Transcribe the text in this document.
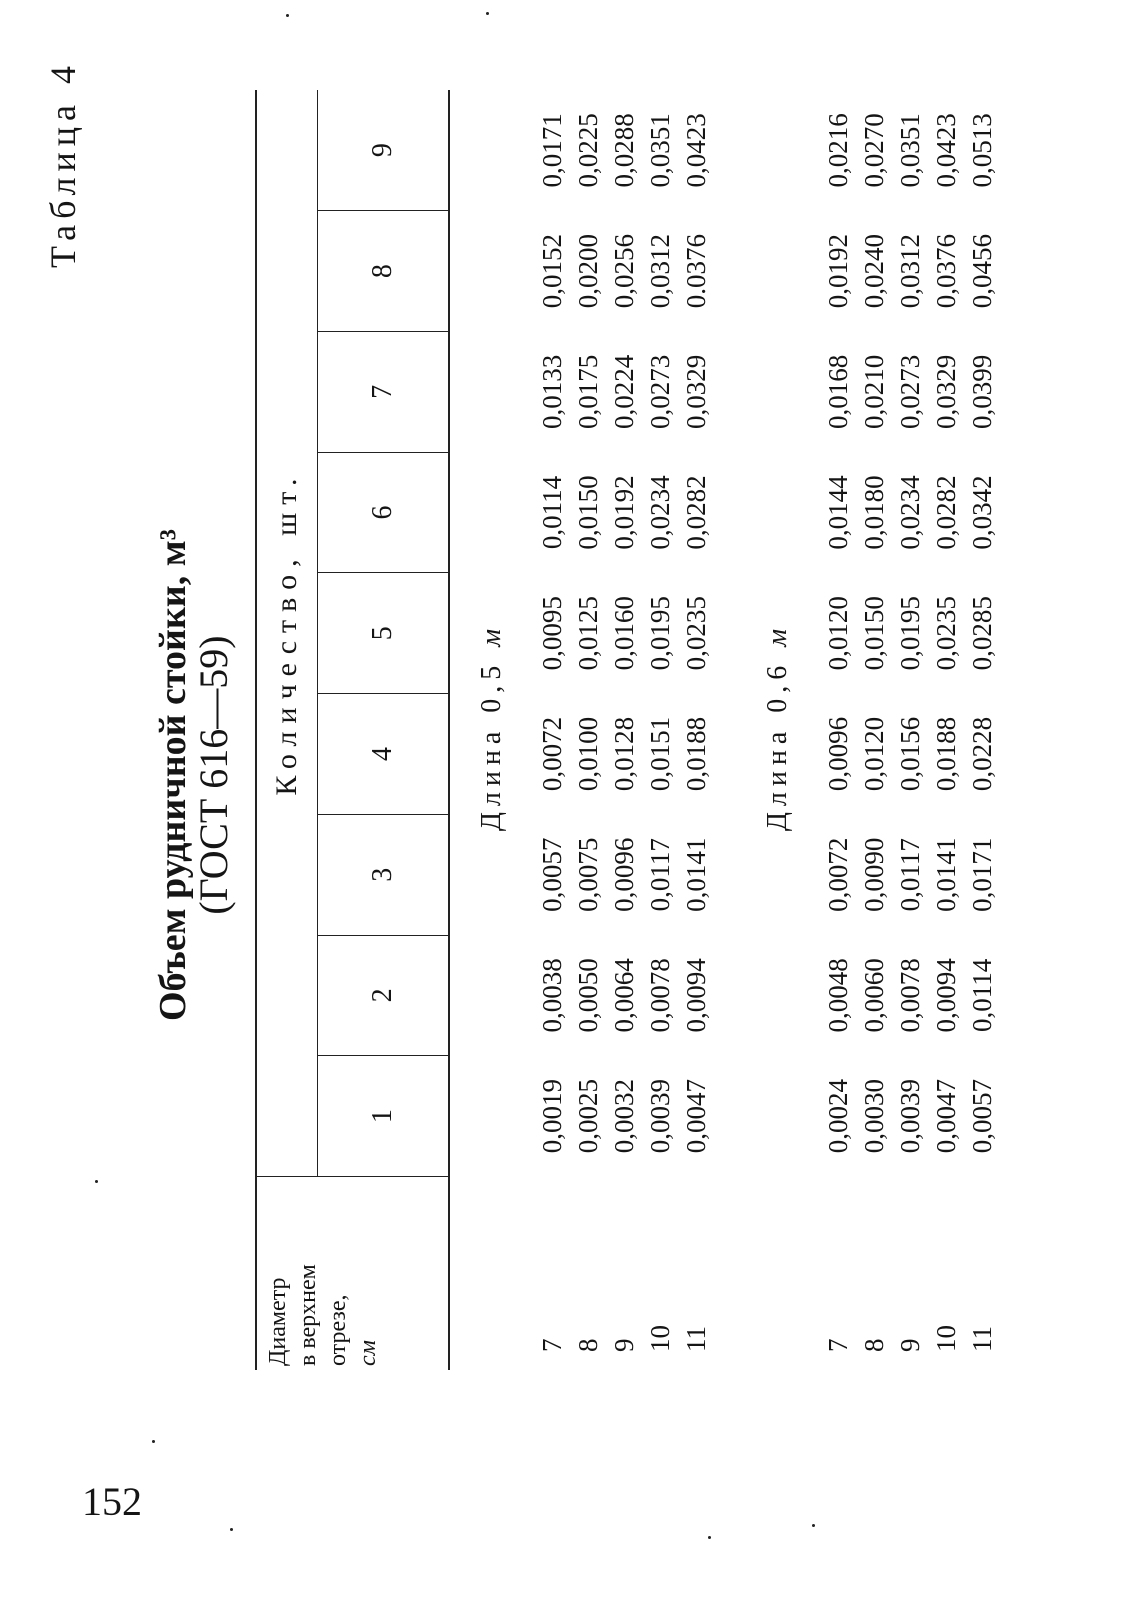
152

Таблица 4

Объем рудничной стойки, м³

(ГОСТ 616—59)

Диаметр в верхнем отрезе, см	Количество, шт.								
	1	2	3	4	5	6	7	8	9
Длина 0,5 м									
7	0,0019	0,0038	0,0057	0,0072	0,0095	0,0114	0,0133	0,0152	0,0171
8	0,0025	0,0050	0,0075	0,0100	0,0125	0,0150	0,0175	0,0200	0,0225
9	0,0032	0,0064	0,0096	0,0128	0,0160	0,0192	0,0224	0,0256	0,0288
10	0,0039	0,0078	0,0117	0,0151	0,0195	0,0234	0,0273	0,0312	0,0351
11	0,0047	0,0094	0,0141	0,0188	0,0235	0,0282	0,0329	0.0376	0,0423

Длина 0,6 м									
7	0,0024	0,0048	0,0072	0,0096	0,0120	0,0144	0,0168	0,0192	0,0216
8	0,0030	0,0060	0,0090	0,0120	0,0150	0,0180	0,0210	0,0240	0,0270
9	0,0039	0,0078	0,0117	0,0156	0,0195	0,0234	0,0273	0,0312	0,0351
10	0,0047	0,0094	0,0141	0,0188	0,0235	0,0282	0,0329	0,0376	0,0423
11	0,0057	0,0114	0,0171	0,0228	0,0285	0,0342	0,0399	0,0456	0,0513
